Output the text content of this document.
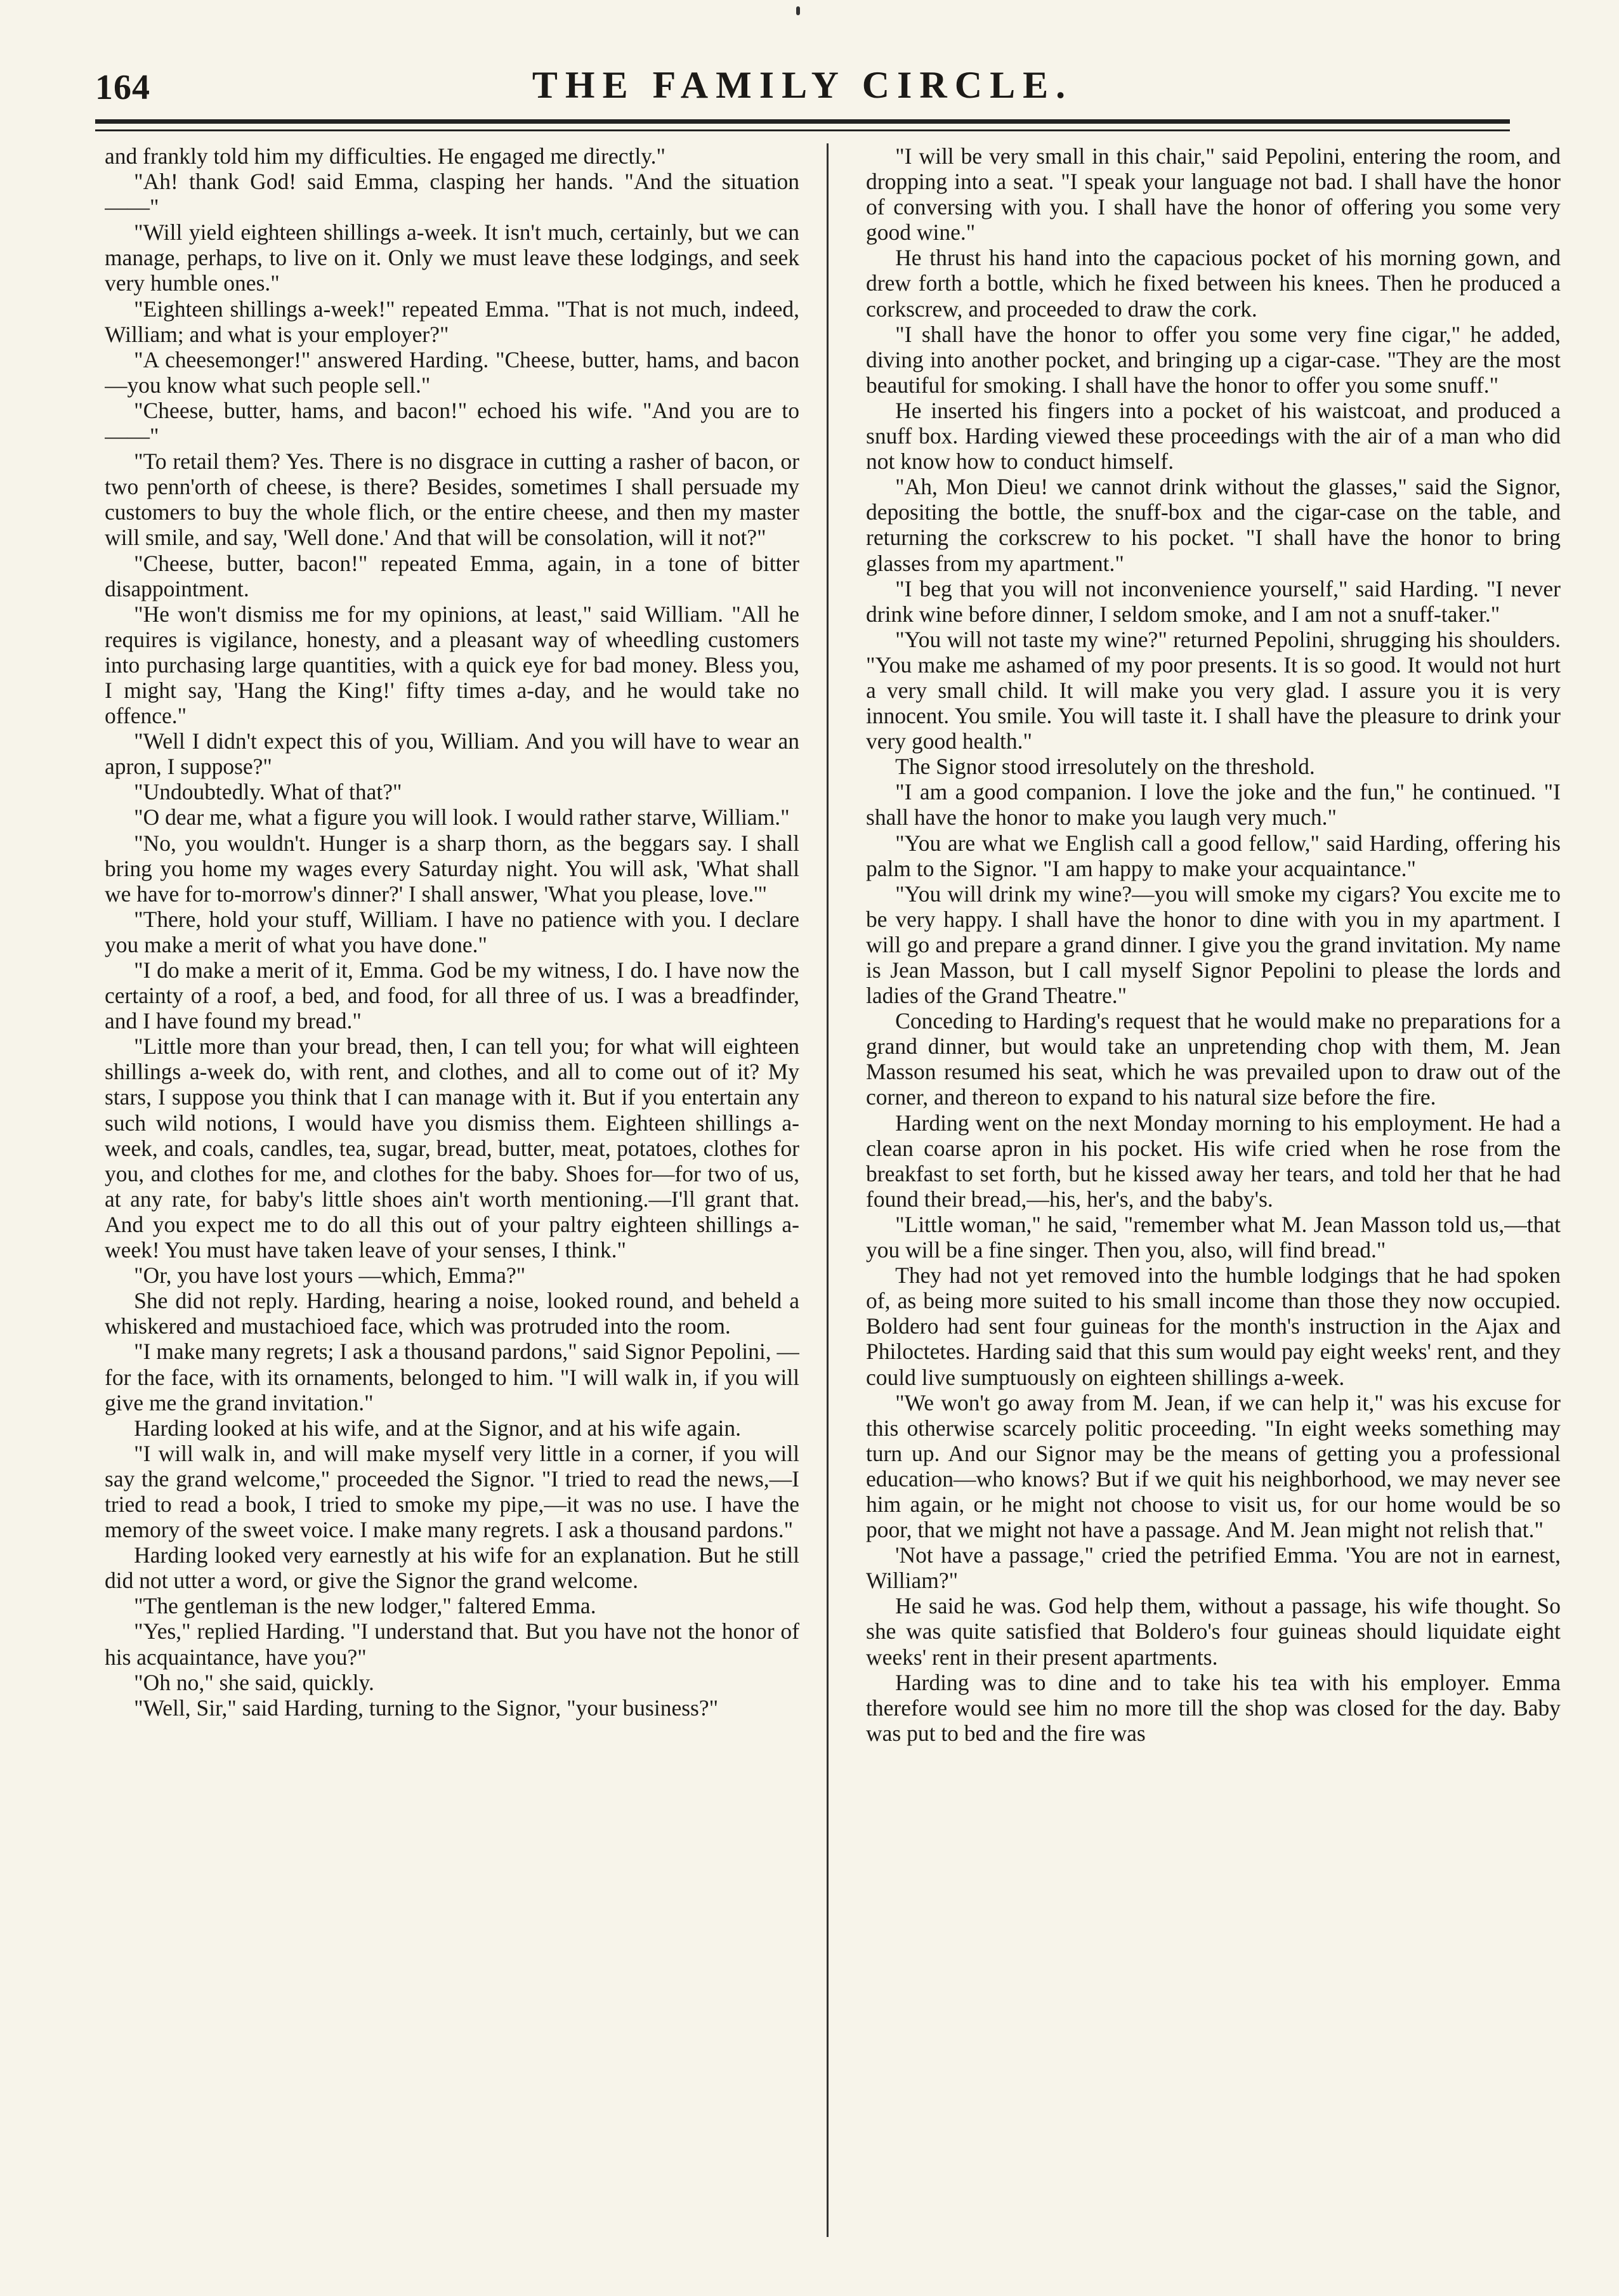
164	THE FAMILY CIRCLE.

and frankly told him my difficulties. He engaged me directly."

"Ah! thank God! said Emma, clasping her hands. "And the situation——"

"Will yield eighteen shillings a-week. It isn't much, certainly, but we can manage, perhaps, to live on it. Only we must leave these lodgings, and seek very humble ones."

"Eighteen shillings a-week!" repeated Emma. "That is not much, indeed, William; and what is your employer?"

"A cheesemonger!" answered Harding. "Cheese, butter, hams, and bacon—you know what such people sell."

"Cheese, butter, hams, and bacon!" echoed his wife. "And you are to——"

"To retail them? Yes. There is no disgrace in cutting a rasher of bacon, or two penn'orth of cheese, is there? Besides, sometimes I shall persuade my customers to buy the whole flich, or the entire cheese, and then my master will smile, and say, 'Well done.' And that will be consolation, will it not?"

"Cheese, butter, bacon!" repeated Emma, again, in a tone of bitter disappointment.

"He won't dismiss me for my opinions, at least," said William. "All he requires is vigilance, honesty, and a pleasant way of wheedling customers into purchasing large quantities, with a quick eye for bad money. Bless you, I might say, 'Hang the King!' fifty times a-day, and he would take no offence."

"Well I didn't expect this of you, William. And you will have to wear an apron, I suppose?"

"Undoubtedly. What of that?"

"O dear me, what a figure you will look. I would rather starve, William."

"No, you wouldn't. Hunger is a sharp thorn, as the beggars say. I shall bring you home my wages every Saturday night. You will ask, 'What shall we have for to-morrow's dinner?' I shall answer, 'What you please, love.'"

"There, hold your stuff, William. I have no patience with you. I declare you make a merit of what you have done."

"I do make a merit of it, Emma. God be my witness, I do. I have now the certainty of a roof, a bed, and food, for all three of us. I was a breadfinder, and I have found my bread."

"Little more than your bread, then, I can tell you; for what will eighteen shillings a-week do, with rent, and clothes, and all to come out of it? My stars, I suppose you think that I can manage with it. But if you entertain any such wild notions, I would have you dismiss them. Eighteen shillings a-week, and coals, candles, tea, sugar, bread, butter, meat, potatoes, clothes for you, and clothes for me, and clothes for the baby. Shoes for—for two of us, at any rate, for baby's little shoes ain't worth mentioning.—I'll grant that. And you expect me to do all this out of your paltry eighteen shillings a-week! You must have taken leave of your senses, I think."

"Or, you have lost yours —which, Emma?"

She did not reply. Harding, hearing a noise, looked round, and beheld a whiskered and mustachioed face, which was protruded into the room.

"I make many regrets; I ask a thousand pardons," said Signor Pepolini, —for the face, with its ornaments, belonged to him. "I will walk in, if you will give me the grand invitation."

Harding looked at his wife, and at the Signor, and at his wife again.

"I will walk in, and will make myself very little in a corner, if you will say the grand welcome," proceeded the Signor. "I tried to read the news,—I tried to read a book, I tried to smoke my pipe,—it was no use. I have the memory of the sweet voice. I make many regrets. I ask a thousand pardons."

Harding looked very earnestly at his wife for an explanation. But he still did not utter a word, or give the Signor the grand welcome.

"The gentleman is the new lodger," faltered Emma.

"Yes," replied Harding. "I understand that. But you have not the honor of his acquaintance, have you?"

"Oh no," she said, quickly.

"Well, Sir," said Harding, turning to the Signor, "your business?"

"I will be very small in this chair," said Pepolini, entering the room, and dropping into a seat. "I speak your language not bad. I shall have the honor of conversing with you. I shall have the honor of offering you some very good wine."

He thrust his hand into the capacious pocket of his morning gown, and drew forth a bottle, which he fixed between his knees. Then he produced a corkscrew, and proceeded to draw the cork.

"I shall have the honor to offer you some very fine cigar," he added, diving into another pocket, and bringing up a cigar-case. "They are the most beautiful for smoking. I shall have the honor to offer you some snuff."

He inserted his fingers into a pocket of his waistcoat, and produced a snuff box. Harding viewed these proceedings with the air of a man who did not know how to conduct himself.

"Ah, Mon Dieu! we cannot drink without the glasses," said the Signor, depositing the bottle, the snuff-box and the cigar-case on the table, and returning the corkscrew to his pocket. "I shall have the honor to bring glasses from my apartment."

"I beg that you will not inconvenience yourself," said Harding. "I never drink wine before dinner, I seldom smoke, and I am not a snuff-taker."

"You will not taste my wine?" returned Pepolini, shrugging his shoulders. "You make me ashamed of my poor presents. It is so good. It would not hurt a very small child. It will make you very glad. I assure you it is very innocent. You smile. You will taste it. I shall have the pleasure to drink your very good health."

The Signor stood irresolutely on the threshold.

"I am a good companion. I love the joke and the fun," he continued. "I shall have the honor to make you laugh very much."

"You are what we English call a good fellow," said Harding, offering his palm to the Signor. "I am happy to make your acquaintance."

"You will drink my wine?—you will smoke my cigars? You excite me to be very happy. I shall have the honor to dine with you in my apartment. I will go and prepare a grand dinner. I give you the grand invitation. My name is Jean Masson, but I call myself Signor Pepolini to please the lords and ladies of the Grand Theatre."

Conceding to Harding's request that he would make no preparations for a grand dinner, but would take an unpretending chop with them, M. Jean Masson resumed his seat, which he was prevailed upon to draw out of the corner, and thereon to expand to his natural size before the fire.

Harding went on the next Monday morning to his employment. He had a clean coarse apron in his pocket. His wife cried when he rose from the breakfast to set forth, but he kissed away her tears, and told her that he had found their bread,—his, her's, and the baby's.

"Little woman," he said, "remember what M. Jean Masson told us,—that you will be a fine singer. Then you, also, will find bread."

They had not yet removed into the humble lodgings that he had spoken of, as being more suited to his small income than those they now occupied. Boldero had sent four guineas for the month's instruction in the Ajax and Philoctetes. Harding said that this sum would pay eight weeks' rent, and they could live sumptuously on eighteen shillings a-week.

"We won't go away from M. Jean, if we can help it," was his excuse for this otherwise scarcely politic proceeding. "In eight weeks something may turn up. And our Signor may be the means of getting you a professional education—who knows? But if we quit his neighborhood, we may never see him again, or he might not choose to visit us, for our home would be so poor, that we might not have a passage. And M. Jean might not relish that."

'Not have a passage," cried the petrified Emma. 'You are not in earnest, William?"

He said he was. God help them, without a passage, his wife thought. So she was quite satisfied that Boldero's four guineas should liquidate eight weeks' rent in their present apartments.

Harding was to dine and to take his tea with his employer. Emma therefore would see him no more till the shop was closed for the day. Baby was put to bed and the fire was
